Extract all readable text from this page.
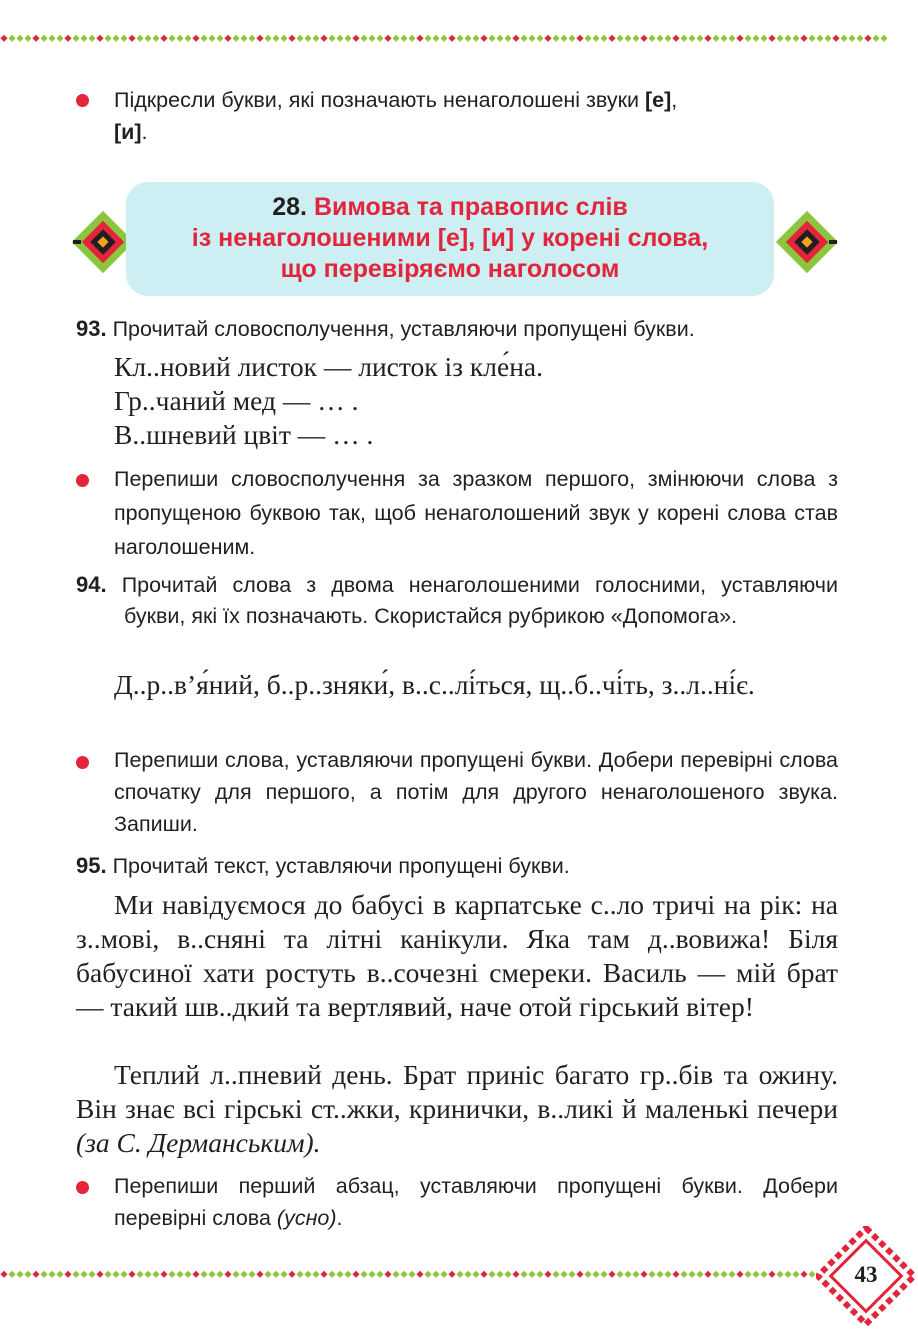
Підкресли букви, які позначають ненаголошені звуки [е],
[и].
28. Вимова та правопис слів
із ненаголошеними [е], [и] у корені слова,
що перевіряємо наголосом
93. Прочитай словосполучення, уставляючи пропущені букви.
Кл..новий листок — листок із кле́на.
Гр..чаний мед — … .
В..шневий цвіт — … .
Перепиши словосполучення за зразком першого, змінюючи слова з пропущеною буквою так, щоб ненаголошений звук у корені слова став наголошеним.
94. Прочитай слова з двома ненаголошеними голосними, уставляючи букви, які їх позначають. Скористайся рубрикою «Допомога».
Д..р..в’я́ний, б..р..зняки́, в..с..лі́ться, щ..б..чі́ть, з..л..ні́є.
Перепиши слова, уставляючи пропущені букви. Добери перевірні слова спочатку для першого, а потім для другого ненаголошеного звука. Запиши.
95. Прочитай текст, уставляючи пропущені букви.
Ми навідуємося до бабусі в карпатське с..ло тричі на рік: на з..мові, в..сняні та літні канікули. Яка там д..вовижа! Біля бабусиної хати ростуть в..сочезні смереки. Василь — мій брат — такий шв..дкий та вертлявий, наче отой гірський вітер!
Теплий л..пневий день. Брат приніс багато гр..бів та ожину. Він знає всі гірські ст..жки, кринички, в..ликі й маленькі печери (за С. Дерманським).
Перепиши перший абзац, уставляючи пропущені букви. Добери перевірні слова (усно).
43
